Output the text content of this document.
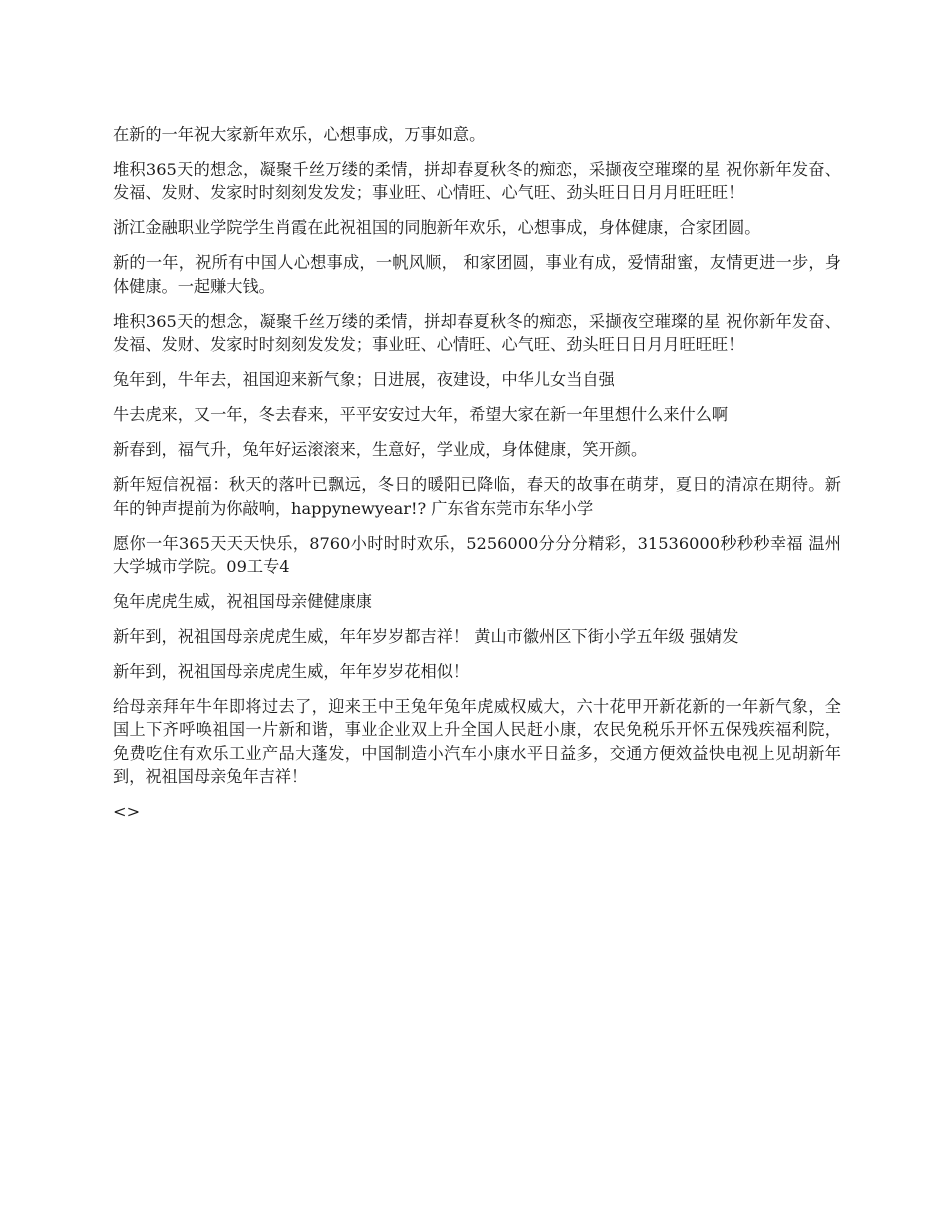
在新的一年祝大家新年欢乐，心想事成，万事如意。

堆积365天的想念，凝聚千丝万缕的柔情，拼却春夏秋冬的痴恋，采撷夜空璀璨的星 祝你新年发奋、发福、发财、发家时时刻刻发发发；事业旺、心情旺、心气旺、劲头旺日日月月旺旺旺！

浙江金融职业学院学生肖霞在此祝祖国的同胞新年欢乐，心想事成，身体健康，合家团圆。

新的一年，祝所有中国人心想事成，一帆风顺， 和家团圆，事业有成，爱情甜蜜，友情更进一步，身体健康。一起赚大钱。

堆积365天的想念，凝聚千丝万缕的柔情，拼却春夏秋冬的痴恋，采撷夜空璀璨的星 祝你新年发奋、发福、发财、发家时时刻刻发发发；事业旺、心情旺、心气旺、劲头旺日日月月旺旺旺！

兔年到，牛年去，祖国迎来新气象；日进展，夜建设，中华儿女当自强

牛去虎来，又一年，冬去春来，平平安安过大年，希望大家在新一年里想什么来什么啊

新春到，福气升，兔年好运滚滚来，生意好，学业成，身体健康，笑开颜。

新年短信祝福：秋天的落叶已飘远，冬日的暖阳已降临，春天的故事在萌芽，夏日的清凉在期待。新年的钟声提前为你敲响，happynewyear!? 广东省东莞市东华小学

愿你一年365天天天快乐，8760小时时时欢乐，5256000分分分精彩，31536000秒秒秒幸福 温州大学城市学院。09工专4

兔年虎虎生威，祝祖国母亲健健康康

新年到，祝祖国母亲虎虎生威，年年岁岁都吉祥！ 黄山市徽州区下街小学五年级 强婧发

新年到，祝祖国母亲虎虎生威，年年岁岁花相似！

给母亲拜年牛年即将过去了，迎来王中王兔年兔年虎威权威大，六十花甲开新花新的一年新气象，全国上下齐呼唤祖国一片新和谐，事业企业双上升全国人民赶小康，农民免税乐开怀五保残疾福利院，免费吃住有欢乐工业产品大蓬发，中国制造小汽车小康水平日益多，交通方便效益快电视上见胡新年到，祝祖国母亲兔年吉祥！

<>
